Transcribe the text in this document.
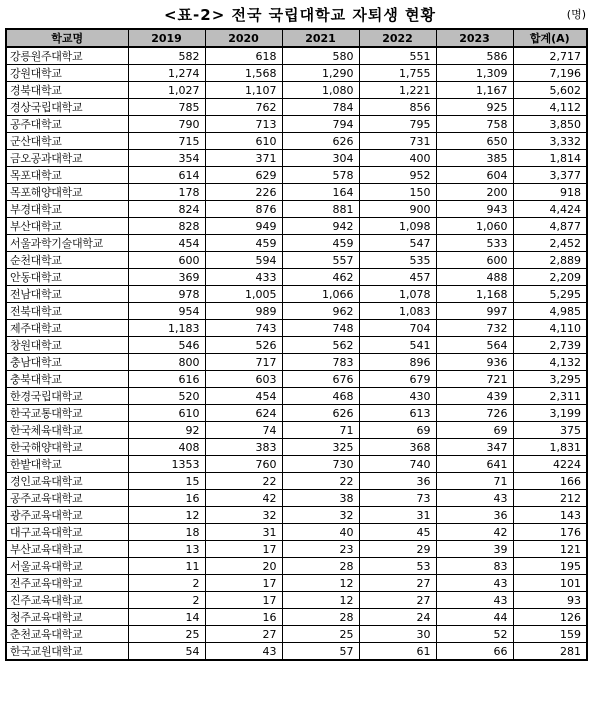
<표-2> 전국 국립대학교 자퇴생 현황	(명)
학교명	2019	2020	2021	2022	2023	합계(A)
강릉원주대학교	582	618	580	551	586	2,717
강원대학교	1,274	1,568	1,290	1,755	1,309	7,196
경북대학교	1,027	1,107	1,080	1,221	1,167	5,602
경상국립대학교	785	762	784	856	925	4,112
공주대학교	790	713	794	795	758	3,850
군산대학교	715	610	626	731	650	3,332
금오공과대학교	354	371	304	400	385	1,814
목포대학교	614	629	578	952	604	3,377
목포해양대학교	178	226	164	150	200	918
부경대학교	824	876	881	900	943	4,424
부산대학교	828	949	942	1,098	1,060	4,877
서울과학기술대학교	454	459	459	547	533	2,452
순천대학교	600	594	557	535	600	2,889
안동대학교	369	433	462	457	488	2,209
전남대학교	978	1,005	1,066	1,078	1,168	5,295
전북대학교	954	989	962	1,083	997	4,985
제주대학교	1,183	743	748	704	732	4,110
창원대학교	546	526	562	541	564	2,739
충남대학교	800	717	783	896	936	4,132
충북대학교	616	603	676	679	721	3,295
한경국립대학교	520	454	468	430	439	2,311
한국교통대학교	610	624	626	613	726	3,199
한국체육대학교	92	74	71	69	69	375
한국해양대학교	408	383	325	368	347	1,831
한밭대학교	1353	760	730	740	641	4224
경인교육대학교	15	22	22	36	71	166
공주교육대학교	16	42	38	73	43	212
광주교육대학교	12	32	32	31	36	143
대구교육대학교	18	31	40	45	42	176
부산교육대학교	13	17	23	29	39	121
서울교육대학교	11	20	28	53	83	195
전주교육대학교	2	17	12	27	43	101
진주교육대학교	2	17	12	27	43	93
청주교육대학교	14	16	28	24	44	126
춘천교육대학교	25	27	25	30	52	159
한국교원대학교	54	43	57	61	66	281
